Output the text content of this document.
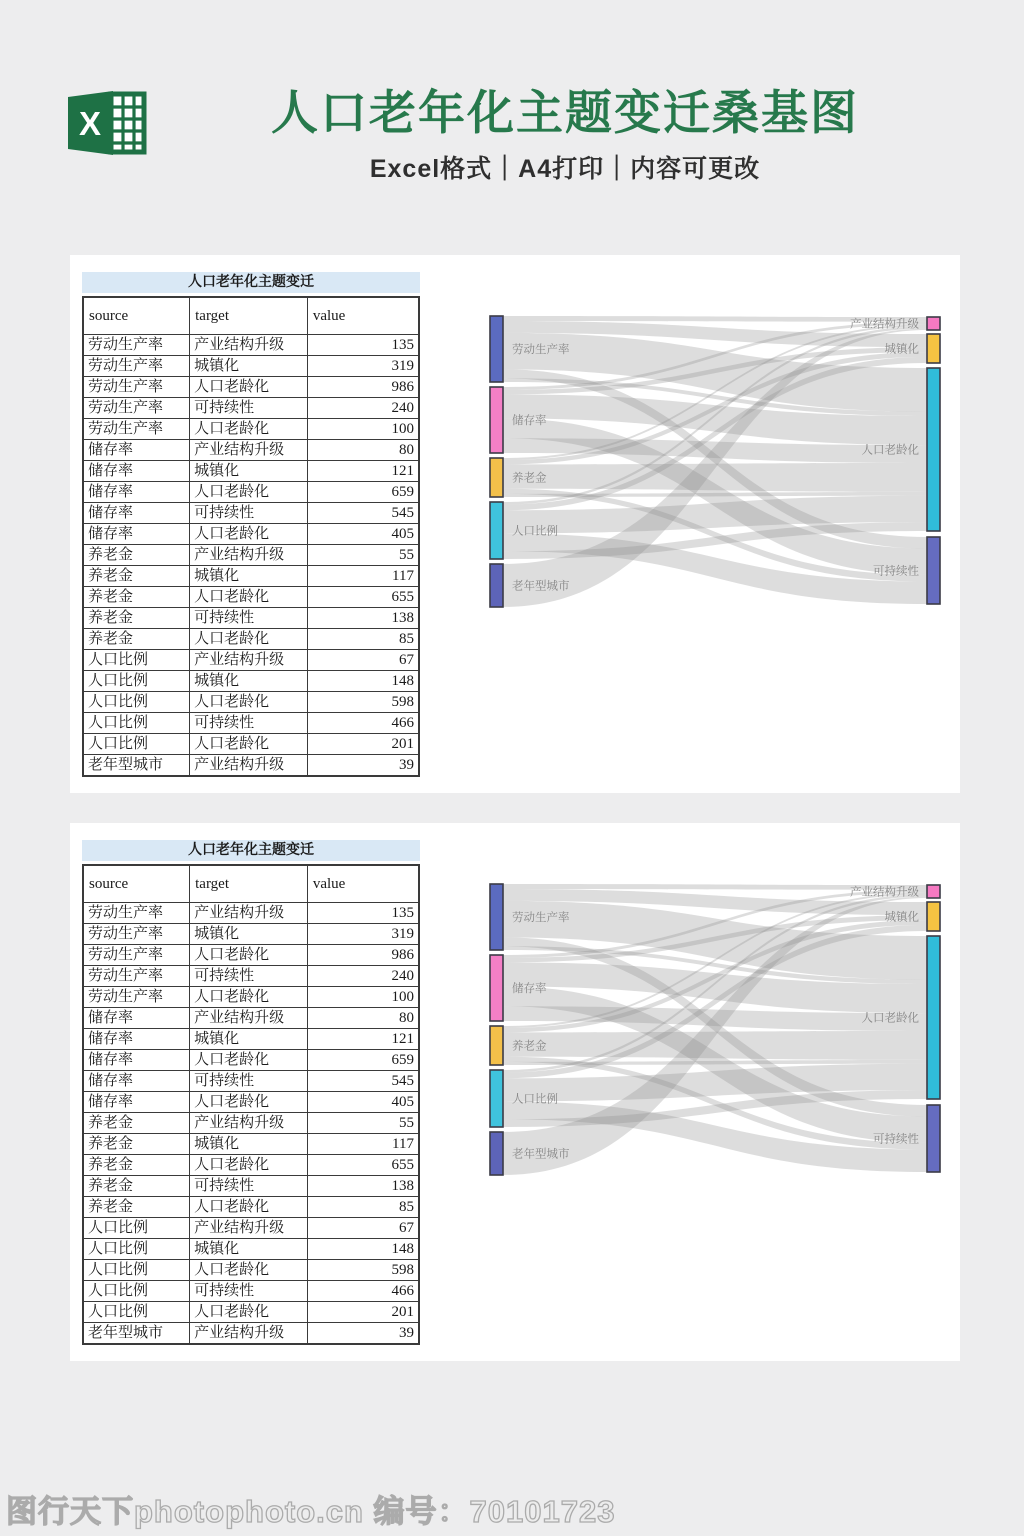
X	人口老年化主题变迁桑基图
Excel格式｜A4打印｜内容可更改
人口老年化主题变迁
source	target	value
劳动生产率	产业结构升级	135
劳动生产率	城镇化	319
劳动生产率	人口老龄化	986
劳动生产率	可持续性	240
劳动生产率	人口老龄化	100
储存率	产业结构升级	80
储存率	城镇化	121
储存率	人口老龄化	659
储存率	可持续性	545
储存率	人口老龄化	405
养老金	产业结构升级	55
养老金	城镇化	117
养老金	人口老龄化	655
养老金	可持续性	138
养老金	人口老龄化	85
人口比例	产业结构升级	67
人口比例	城镇化	148
人口比例	人口老龄化	598
人口比例	可持续性	466
人口比例	人口老龄化	201
老年型城市	产业结构升级	39
劳动生产率
储存率
养老金
人口比例
老年型城市
产业结构升级
城镇化
人口老龄化
可持续性
人口老年化主题变迁
source	target	value
劳动生产率	产业结构升级	135
劳动生产率	城镇化	319
劳动生产率	人口老龄化	986
劳动生产率	可持续性	240
劳动生产率	人口老龄化	100
储存率	产业结构升级	80
储存率	城镇化	121
储存率	人口老龄化	659
储存率	可持续性	545
储存率	人口老龄化	405
养老金	产业结构升级	55
养老金	城镇化	117
养老金	人口老龄化	655
养老金	可持续性	138
养老金	人口老龄化	85
人口比例	产业结构升级	67
人口比例	城镇化	148
人口比例	人口老龄化	598
人口比例	可持续性	466
人口比例	人口老龄化	201
老年型城市	产业结构升级	39
劳动生产率
储存率
养老金
人口比例
老年型城市
产业结构升级
城镇化
人口老龄化
可持续性
图行天下photophoto.cn 编号：70101723
